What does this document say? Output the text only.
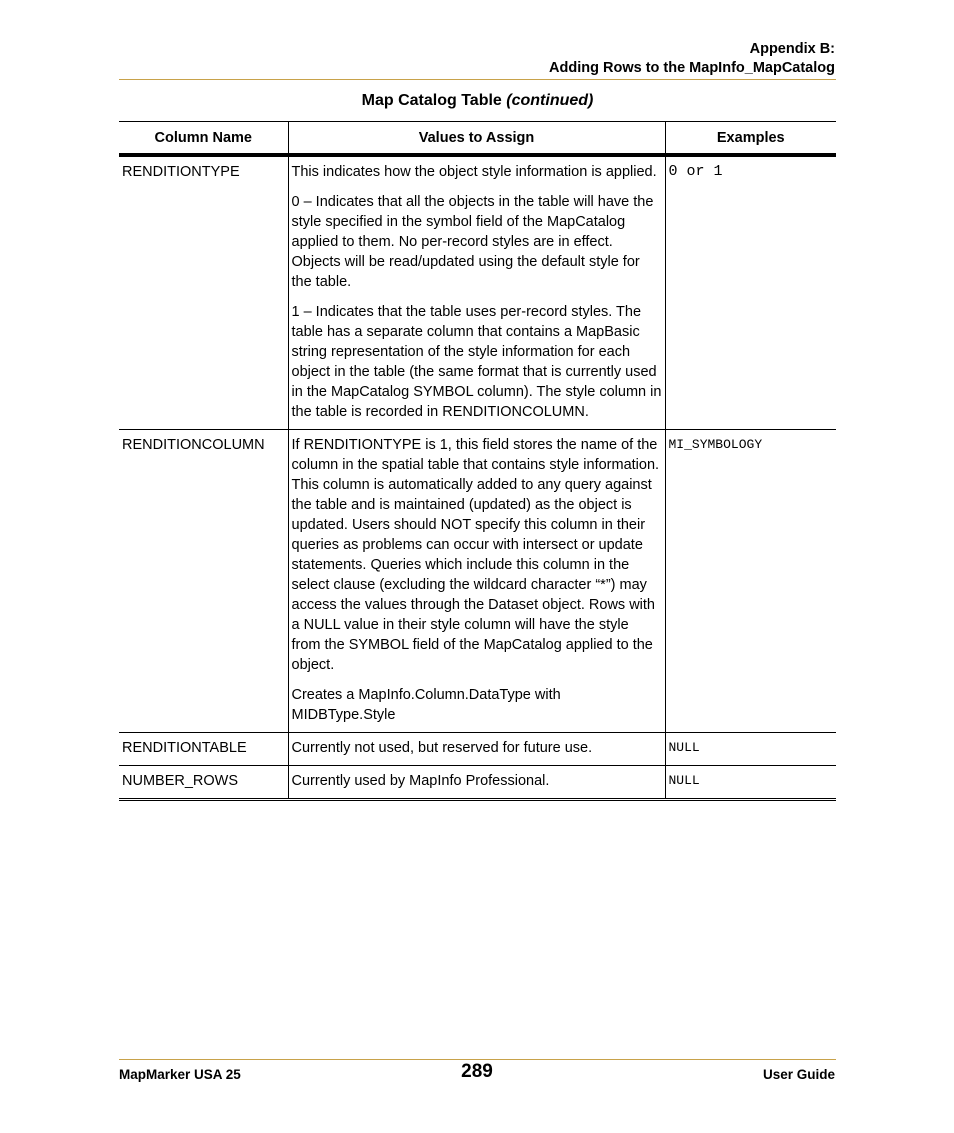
Appendix B:
Adding Rows to the MapInfo_MapCatalog
Map Catalog Table (continued)
Column Name	Values to Assign	Examples
RENDITIONTYPE	This indicates how the object style information is applied.

0 – Indicates that all the objects in the table will have the style specified in the symbol field of the MapCatalog applied to them. No per-record styles are in effect. Objects will be read/updated using the default style for the table.

1 – Indicates that the table uses per-record styles. The table has a separate column that contains a MapBasic string representation of the style information for each object in the table (the same format that is currently used in the MapCatalog SYMBOL column). The style column in the table is recorded in RENDITIONCOLUMN.	0 or 1
RENDITIONCOLUMN	If RENDITIONTYPE is 1, this field stores the name of the column in the spatial table that contains style information. This column is automatically added to any query against the table and is maintained (updated) as the object is updated. Users should NOT specify this column in their queries as problems can occur with intersect or update statements. Queries which include this column in the select clause (excluding the wildcard character “*”) may access the values through the Dataset object. Rows with a NULL value in their style column will have the style from the SYMBOL field of the MapCatalog applied to the object.

Creates a MapInfo.Column.DataType with MIDBType.Style	MI_SYMBOLOGY
RENDITIONTABLE	Currently not used, but reserved for future use.	NULL
NUMBER_ROWS	Currently used by MapInfo Professional.	NULL
MapMarker USA 25	289	User Guide
